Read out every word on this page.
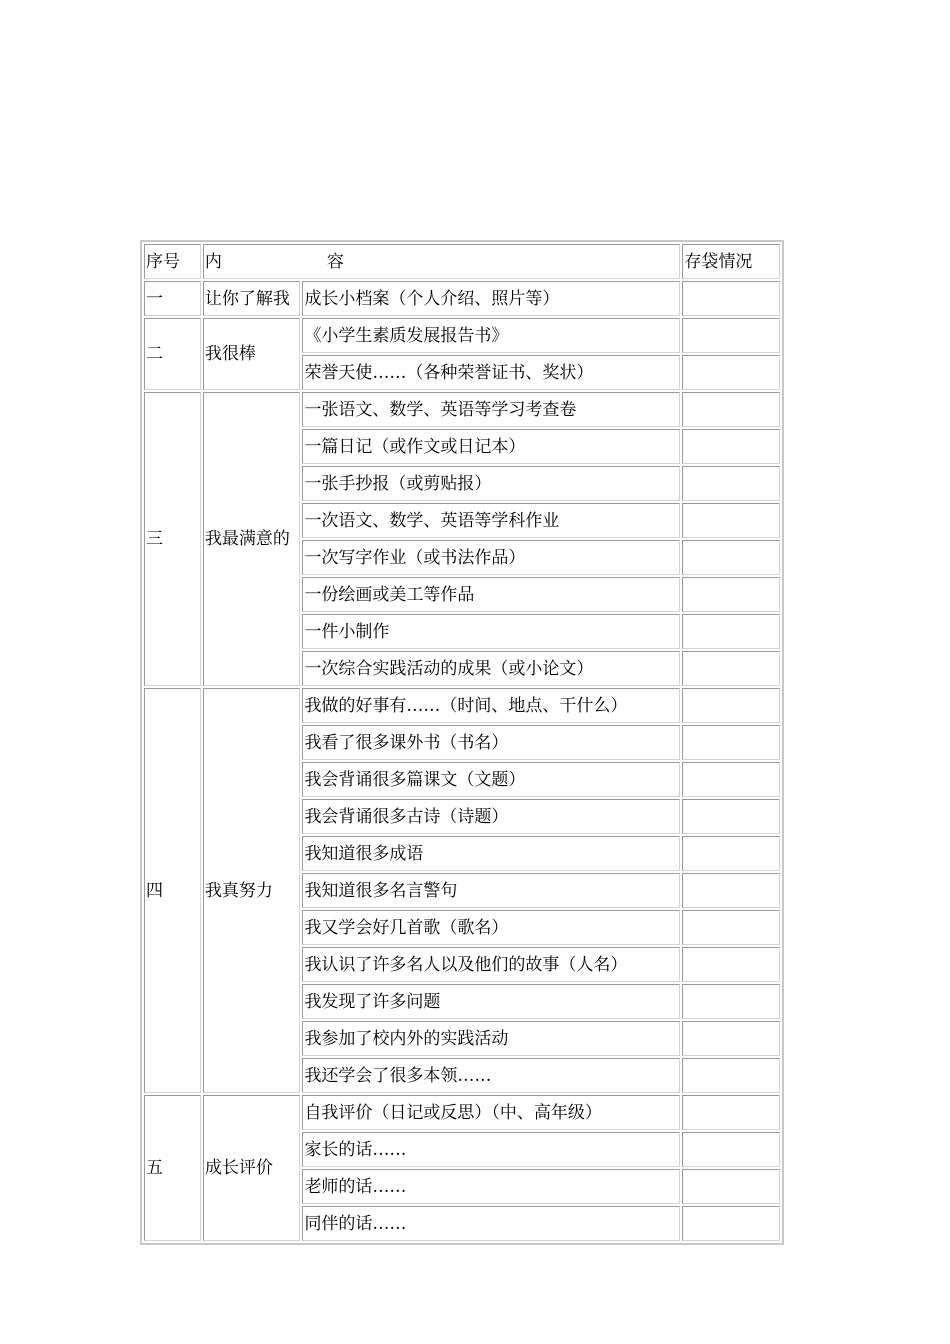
序号	内 容		存袋情况
一	让你了解我	成长小档案（个人介绍、照片等）	
二	我很棒	《小学生素质发展报告书》	
		荣誉天使……（各种荣誉证书、奖状）	
三	我最满意的	一张语文、数学、英语等学习考查卷	
		一篇日记（或作文或日记本）	
		一张手抄报（或剪贴报）	
		一次语文、数学、英语等学科作业	
		一次写字作业（或书法作品）	
		一份绘画或美工等作品	
		一件小制作	
		一次综合实践活动的成果（或小论文）	
四	我真努力	我做的好事有……（时间、地点、干什么）	
		我看了很多课外书（书名）	
		我会背诵很多篇课文（文题）	
		我会背诵很多古诗（诗题）	
		我知道很多成语	
		我知道很多名言警句	
		我又学会好几首歌（歌名）	
		我认识了许多名人以及他们的故事（人名）	
		我发现了许多问题	
		我参加了校内外的实践活动	
		我还学会了很多本领……	
五	成长评价	自我评价（日记或反思）（中、高年级）	
		家长的话……	
		老师的话……	
		同伴的话……	
